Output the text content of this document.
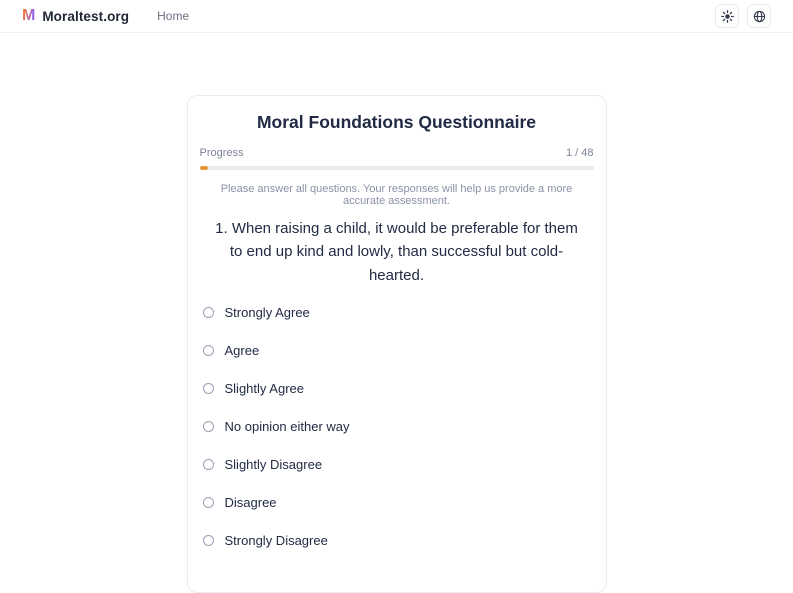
M Moraltest.org Home
Moral Foundations Questionnaire
Progress	1 / 48

Please answer all questions. Your responses will help us provide a more accurate assessment.

1. When raising a child, it would be preferable for them to end up kind and lowly, than successful but cold-hearted.

Strongly Agree
Agree
Slightly Agree
No opinion either way
Slightly Disagree
Disagree
Strongly Disagree
